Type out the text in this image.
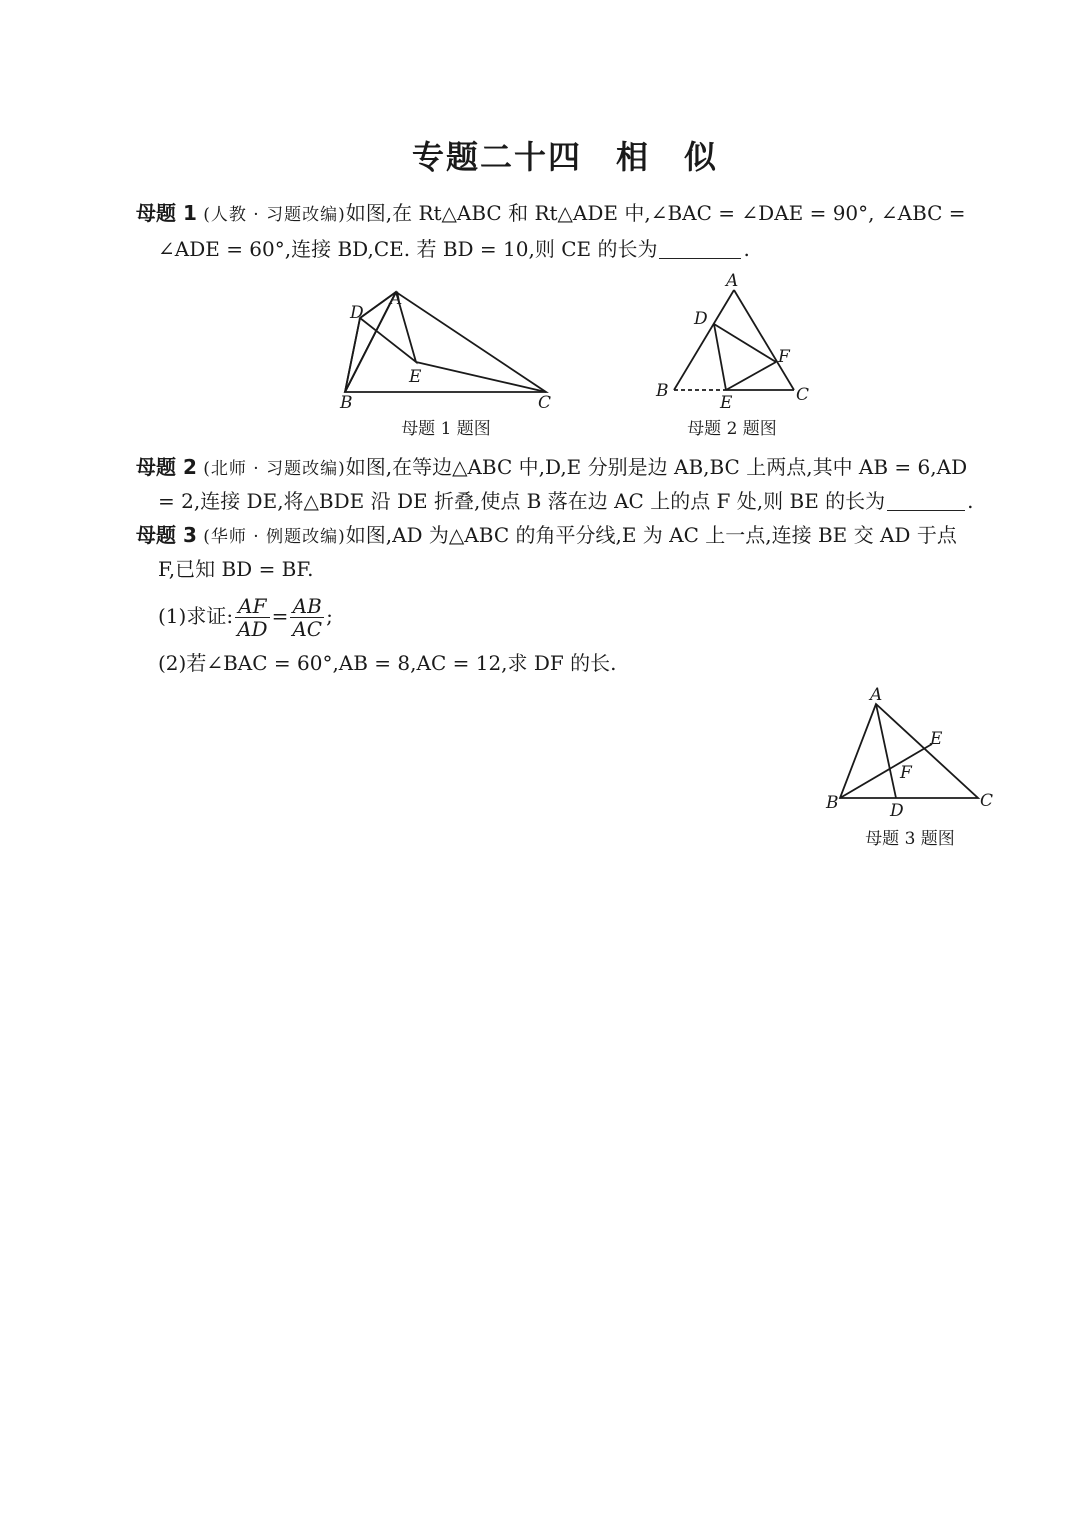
专题二十四　相　似
母题 1 (人教 · 习题改编)如图,在 Rt△ABC 和 Rt△ADE 中,∠BAC = ∠DAE = 90°, ∠ABC =
∠ADE = 60°,连接 BD,CE. 若 BD = 10,则 CE 的长为	.
A
D
E
B	C
母题 1 题图
A
D
F
B
E	C
母题 2 题图
母题 2 (北师 · 习题改编)如图,在等边△ABC 中,D,E 分别是边 AB,BC 上两点,其中 AB = 6,AD
= 2,连接 DE,将△BDE 沿 DE 折叠,使点 B 落在边 AC 上的点 F 处,则 BE 的长为	.
母题 3 (华师 · 例题改编)如图,AD 为△ABC 的角平分线,E 为 AC 上一点,连接 BE 交 AD 于点
F,已知 BD = BF.
(1)求证: $\frac{AF}{AD} = \frac{AB}{AC}$ ;
(2)若∠BAC = 60°,AB = 8,AC = 12,求 DF 的长.
A
E
F
B	D	C
母题 3 题图
